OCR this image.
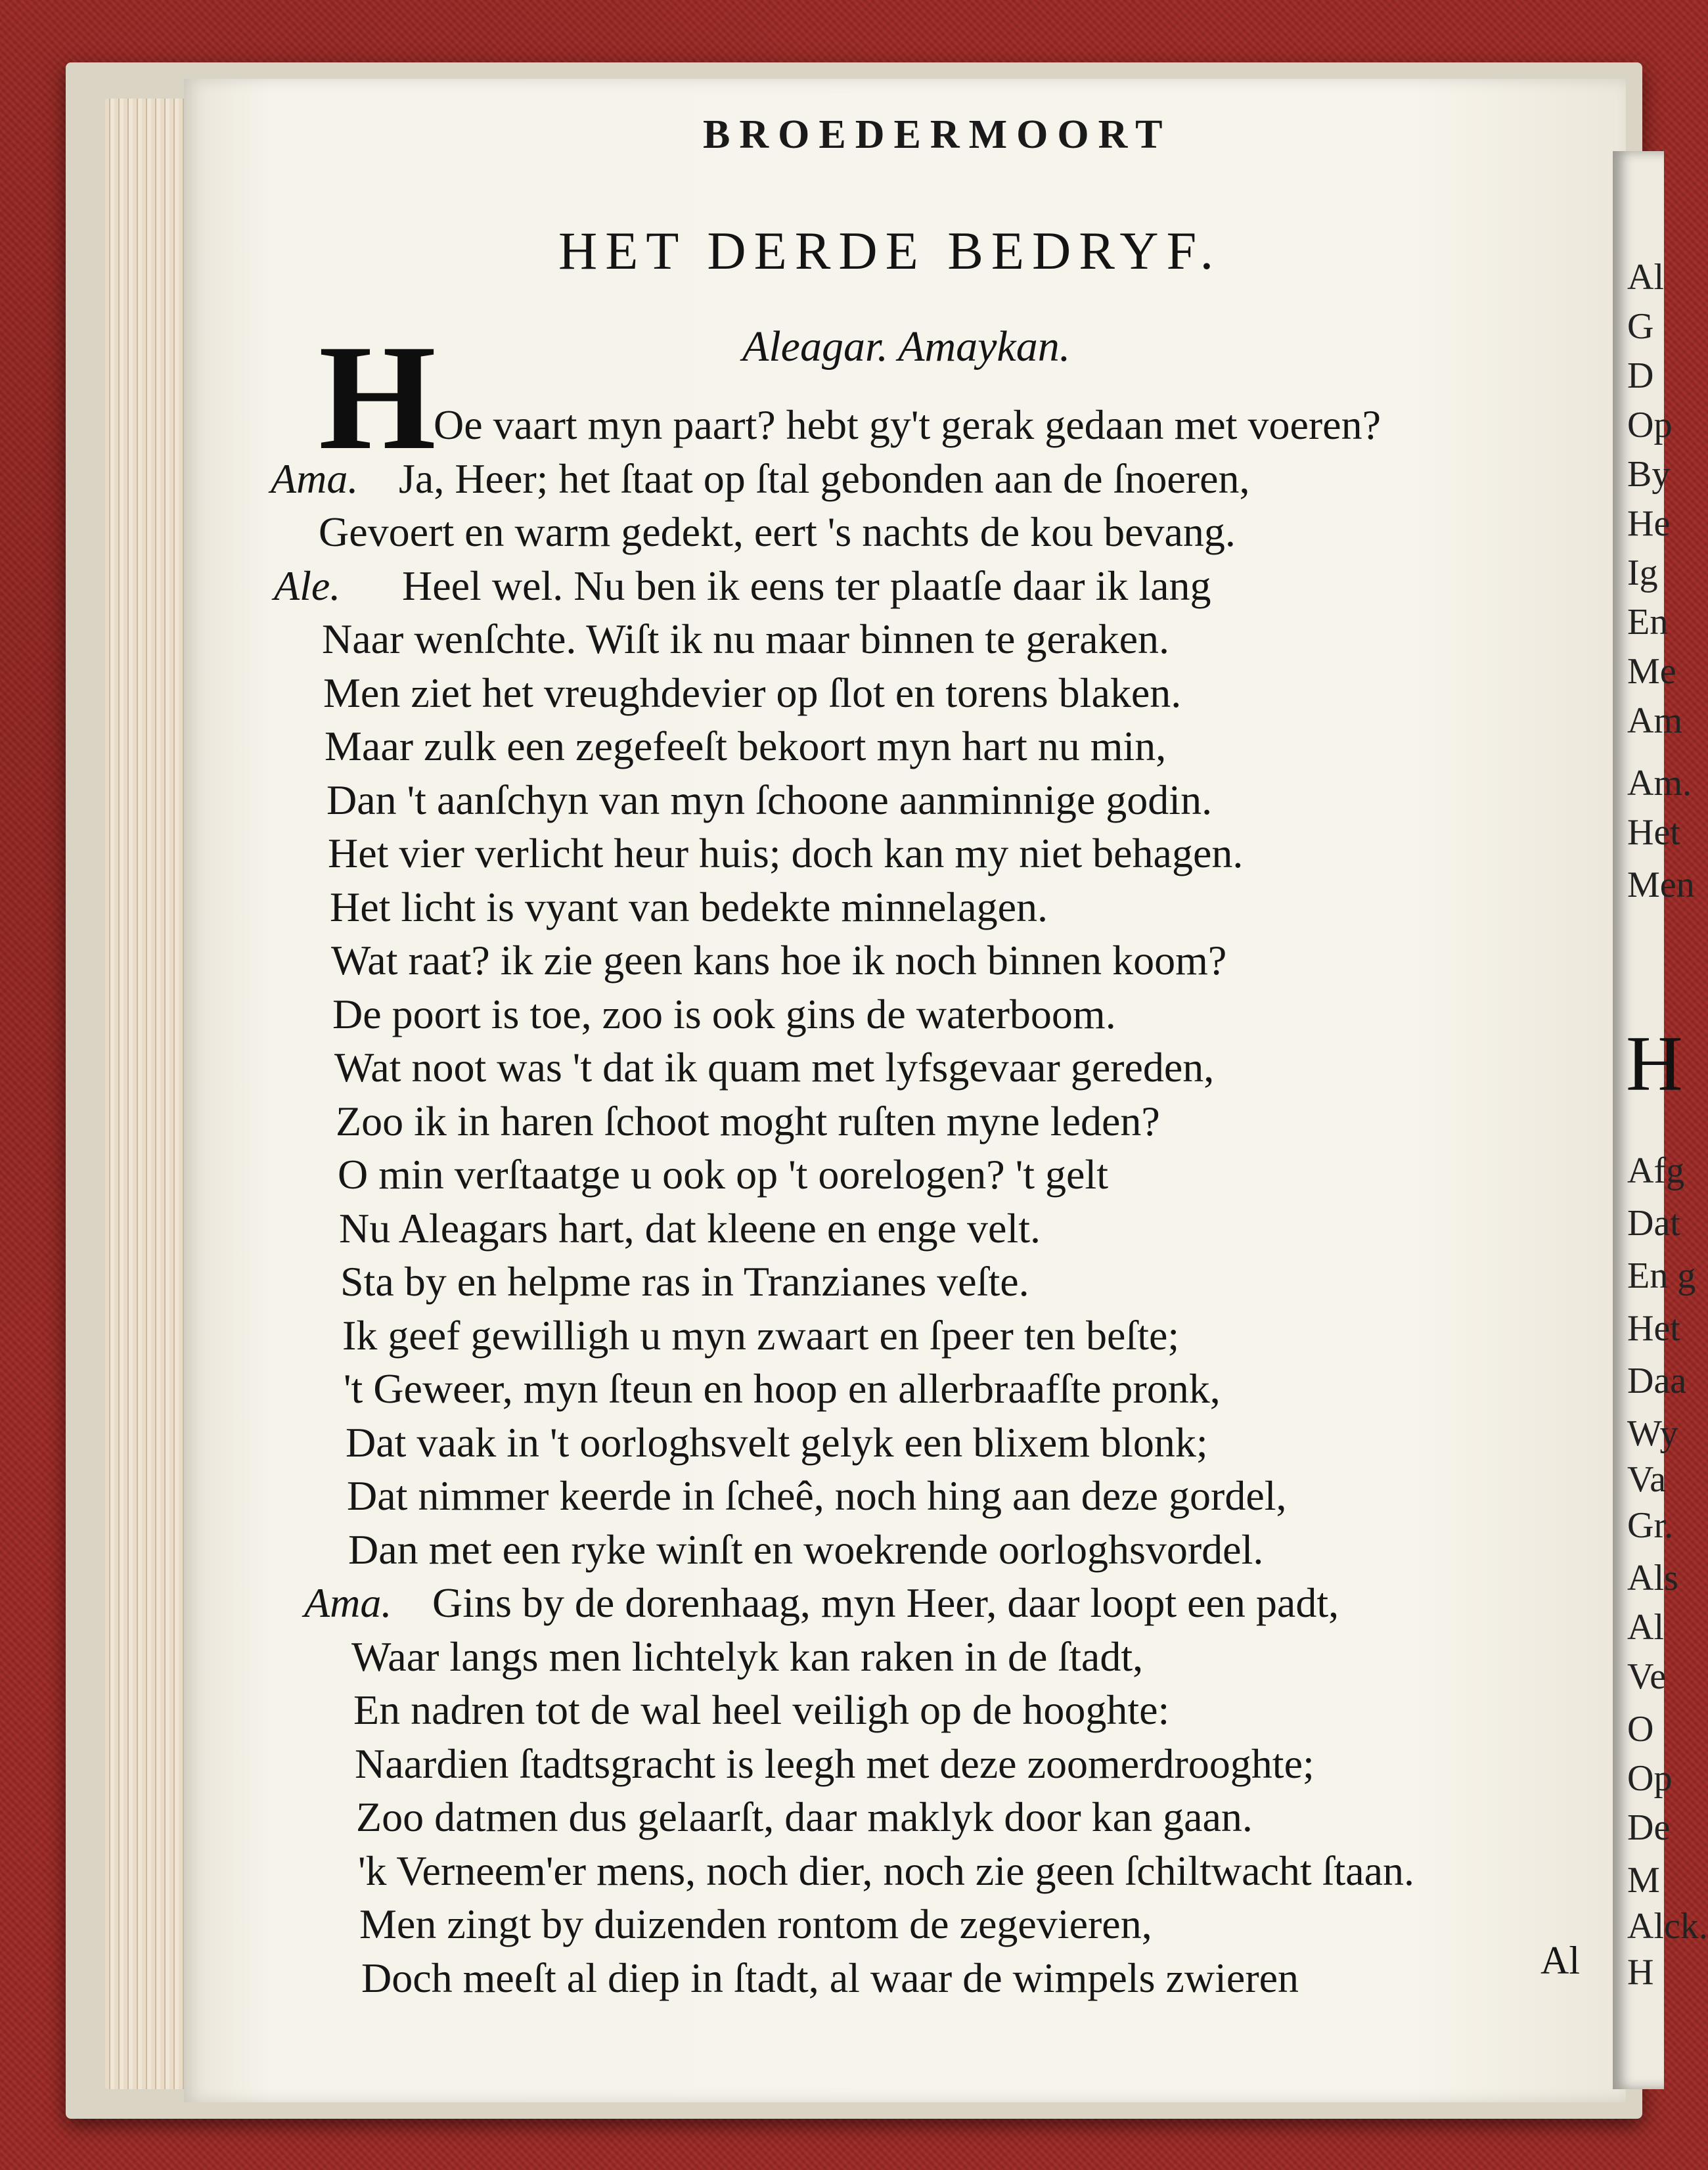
BROEDERMOORT
HET DERDE BEDRYF.
Aleagar. Amaykan.
H
Oe vaart myn paart? hebt gy't gerak gedaan met voeren?
Ama. Ja, Heer; het ſtaat op ſtal gebonden aan de ſnoeren,
Gevoert en warm gedekt, eert 's nachts de kou bevang.
Ale. Heel wel. Nu ben ik eens ter plaatſe daar ik lang
Naar wenſchte. Wiſt ik nu maar binnen te geraken.
Men ziet het vreughdevier op ſlot en torens blaken.
Maar zulk een zegefeeſt bekoort myn hart nu min,
Dan 't aanſchyn van myn ſchoone aanminnige godin.
Het vier verlicht heur huis; doch kan my niet behagen.
Het licht is vyant van bedekte minnelagen.
Wat raat? ik zie geen kans hoe ik noch binnen koom?
De poort is toe, zoo is ook gins de waterboom.
Wat noot was 't dat ik quam met lyfsgevaar gereden,
Zoo ik in haren ſchoot moght ruſten myne leden?
O min verſtaatge u ook op 't oorelogen? 't gelt
Nu Aleagars hart, dat kleene en enge velt.
Sta by en helpme ras in Tranzianes veſte.
Ik geef gewilligh u myn zwaart en ſpeer ten beſte;
't Geweer, myn ſteun en hoop en allerbraafſte pronk,
Dat vaak in 't oorloghsvelt gelyk een blixem blonk;
Dat nimmer keerde in ſcheê, noch hing aan deze gordel,
Dan met een ryke winſt en woekrende oorloghsvordel.
Ama. Gins by de dorenhaag, myn Heer, daar loopt een padt,
Waar langs men lichtelyk kan raken in de ſtadt,
En nadren tot de wal heel veiligh op de hooghte:
Naardien ſtadtsgracht is leegh met deze zoomerdrooghte;
Zoo datmen dus gelaarſt, daar maklyk door kan gaan.
'k Verneem'er mens, noch dier, noch zie geen ſchiltwacht ſtaan.
Men zingt by duizenden rontom de zegevieren,
Doch meeſt al diep in ſtadt, al waar de wimpels zwieren	Al
H
Al
G
D
Op
By
He
Ig
En
Me
Am
Am.
Het
Men
Afg
Dat
En g
Het
Daa
Wy
Va
Gr.
Als
Al
Ve
O
Op
De
M
Alck.
H
